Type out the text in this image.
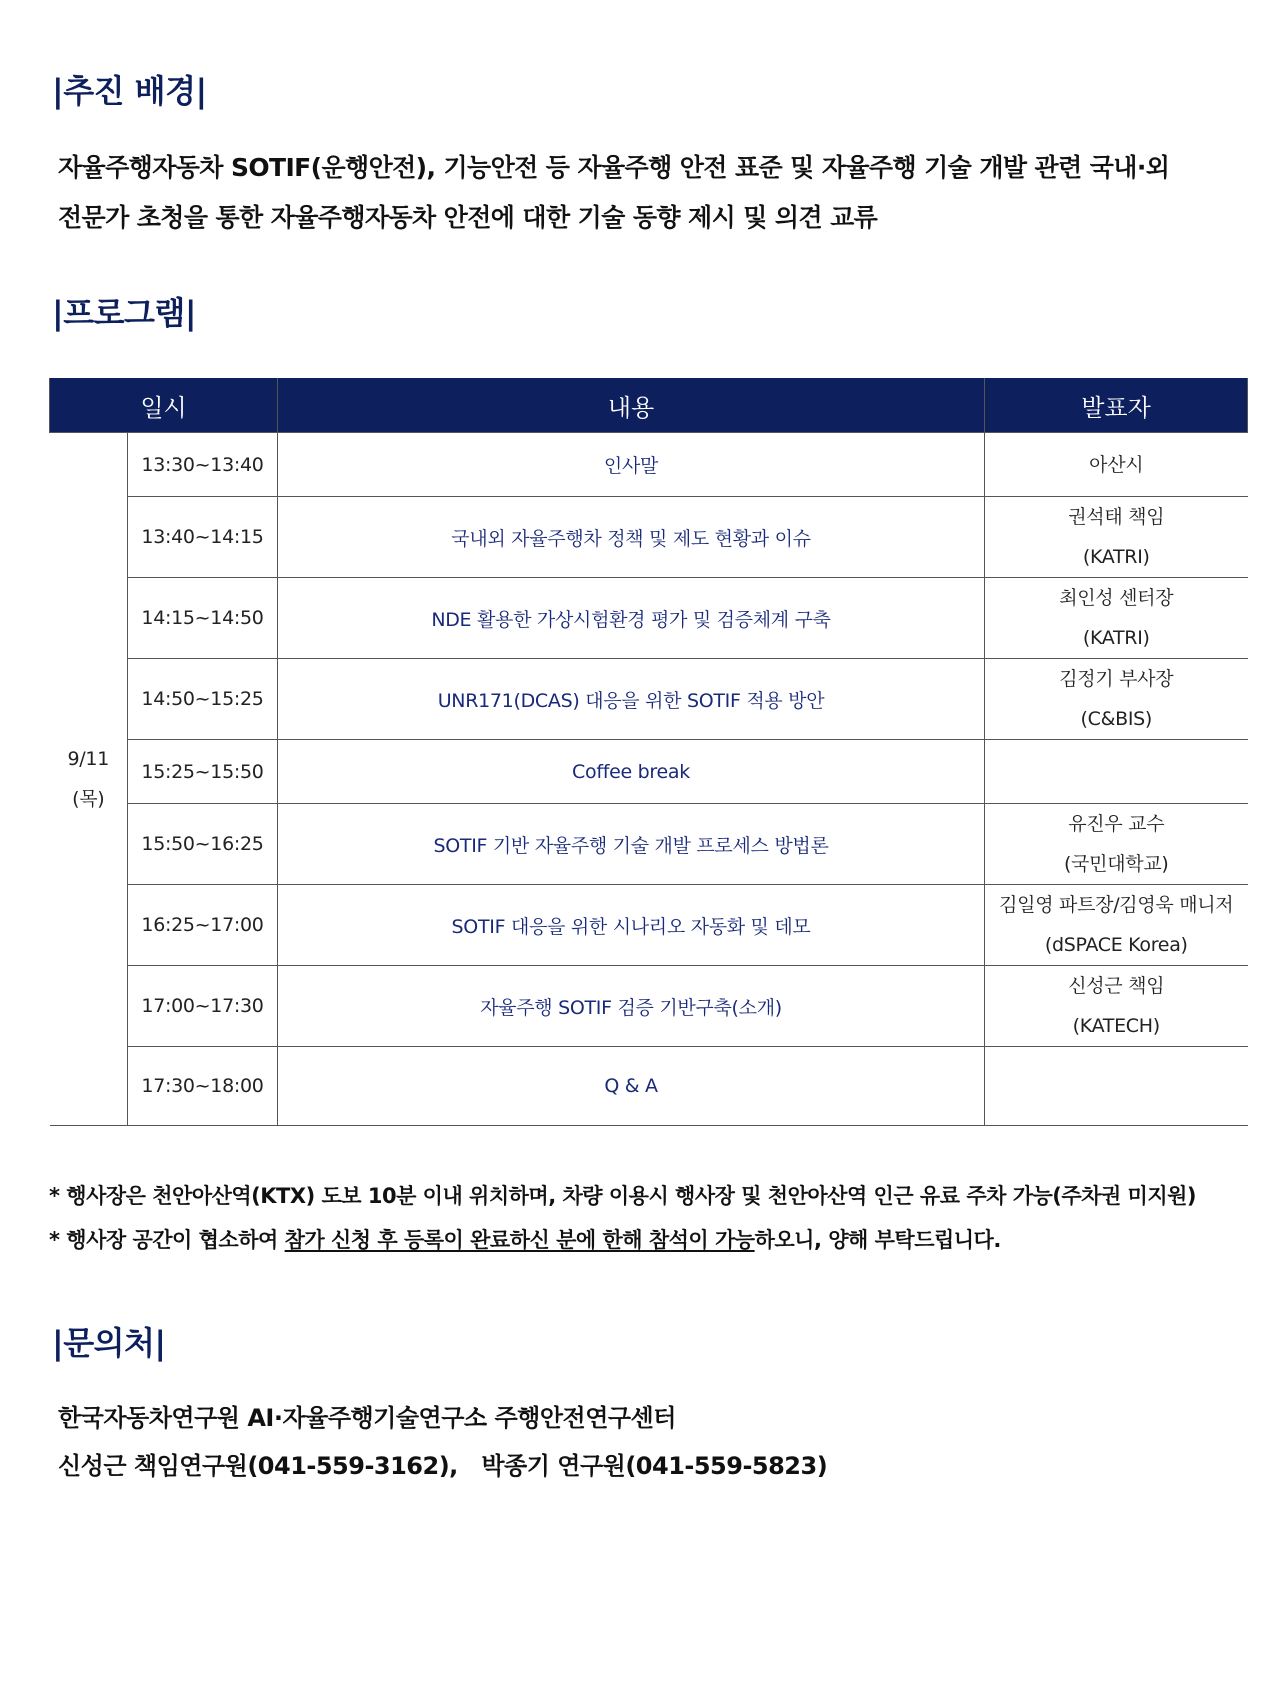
|추진 배경|
자율주행자동차 SOTIF(운행안전), 기능안전 등 자율주행 안전 표준 및 자율주행 기술 개발 관련 국내·외
전문가 초청을 통한 자율주행자동차 안전에 대한 기술 동향 제시 및 의견 교류
|프로그램|
일시		내용	발표자

9/11
(목)	13:30~13:40	인사말	아산시

	13:40~14:15	국내외 자율주행차 정책 및 제도 현황과 이슈	권석태 책임
(KATRI)

	14:15~14:50	NDE 활용한 가상시험환경 평가 및 검증체계 구축	최인성 센터장
(KATRI)

	14:50~15:25	UNR171(DCAS) 대응을 위한 SOTIF 적용 방안	김정기 부사장
(C&BIS)

	15:25~15:50	Coffee break	
	15:50~16:25	SOTIF 기반 자율주행 기술 개발 프로세스 방법론	유진우 교수
(국민대학교)

	16:25~17:00	SOTIF 대응을 위한 시나리오 자동화 및 데모	김일영 파트장/김영욱 매니저
(dSPACE Korea)

	17:00~17:30	자율주행 SOTIF 검증 기반구축(소개)	신성근 책임
(KATECH)

	17:30~18:00	Q & A	
* 행사장은 천안아산역(KTX) 도보 10분 이내 위치하며, 차량 이용시 행사장 및 천안아산역 인근 유료 주차 가능(주차권 미지원)
* 행사장 공간이 협소하여 참가 신청 후 등록이 완료하신 분에 한해 참석이 가능하오니, 양해 부탁드립니다.
|문의처|
한국자동차연구원 AI·자율주행기술연구소 주행안전연구센터
신성근 책임연구원(041-559-3162),   박종기 연구원(041-559-5823)
